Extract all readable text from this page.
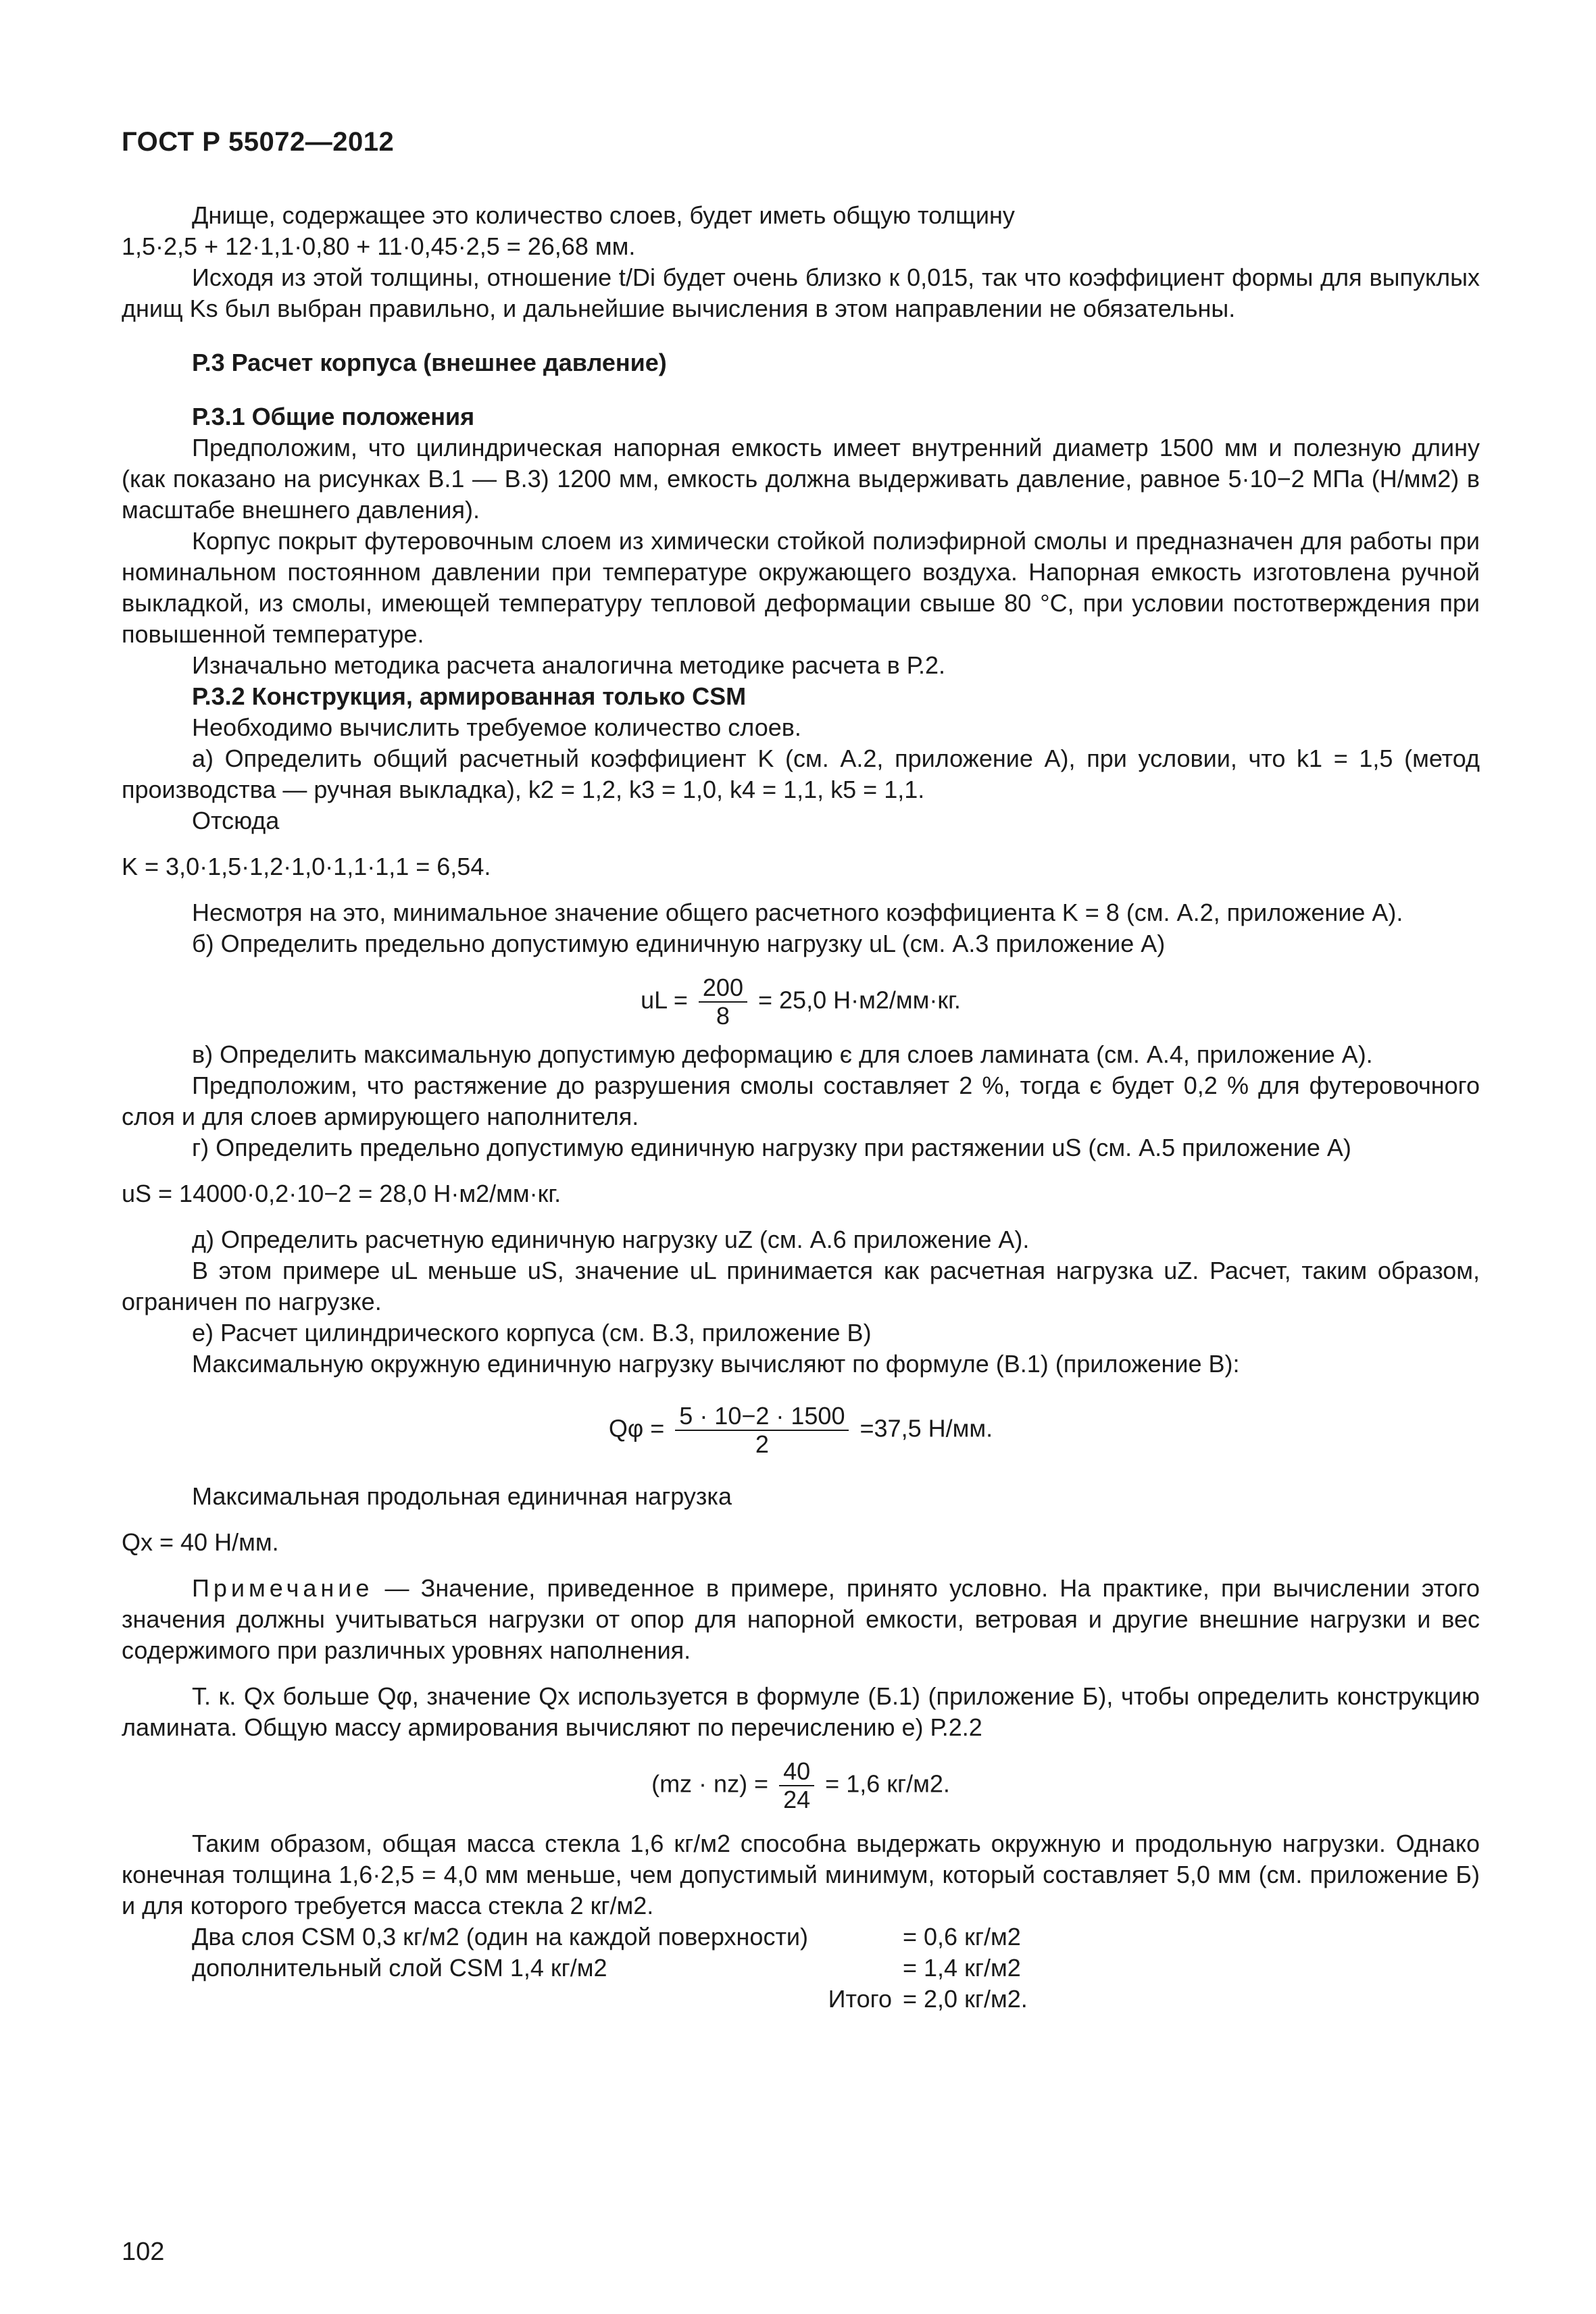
ГОСТ Р 55072—2012

Днище, содержащее это количество слоев, будет иметь общую толщину

1,5·2,5 + 12·1,1·0,80 + 11·0,45·2,5 = 26,68 мм.

Исходя из этой толщины, отношение t/Di будет очень близко к 0,015, так что коэффициент формы для выпуклых днищ Ks был выбран правильно, и дальнейшие вычисления в этом направлении не обязательны.

Р.3 Расчет корпуса (внешнее давление)

Р.3.1 Общие положения

Предположим, что цилиндрическая напорная емкость имеет внутренний диаметр 1500 мм и полезную длину (как показано на рисунках В.1 — В.3) 1200 мм, емкость должна выдерживать давление, равное 5·10−2 МПа (Н/мм2) в масштабе внешнего давления).

Корпус покрыт футеровочным слоем из химически стойкой полиэфирной смолы и предназначен для работы при номинальном постоянном давлении при температуре окружающего воздуха. Напорная емкость изготовлена ручной выкладкой, из смолы, имеющей температуру тепловой деформации свыше 80 °С, при условии постотверждения при повышенной температуре.

Изначально методика расчета аналогична методике расчета в Р.2.

Р.3.2 Конструкция, армированная только CSM

Необходимо вычислить требуемое количество слоев.

а) Определить общий расчетный коэффициент K (см. А.2, приложение А), при условии, что k1 = 1,5 (метод производства — ручная выкладка), k2 = 1,2, k3 = 1,0, k4 = 1,1, k5 = 1,1.

Отсюда

K = 3,0·1,5·1,2·1,0·1,1·1,1 = 6,54.

Несмотря на это, минимальное значение общего расчетного коэффициента K = 8 (см. А.2, приложение А).

б) Определить предельно допустимую единичную нагрузку uL (см. А.3 приложение А)

uL = $\frac{200}{8} = 25,0$ Н·м2/мм·кг.

в) Определить максимальную допустимую деформацию є для слоев ламината (см. А.4, приложение А).

Предположим, что растяжение до разрушения смолы составляет 2 %, тогда є будет 0,2 % для футеровочного слоя и для слоев армирующего наполнителя.

г) Определить предельно допустимую единичную нагрузку при растяжении uS (см. А.5 приложение А)

uS = 14000·0,2·10−2 = 28,0 Н·м2/мм·кг.

д) Определить расчетную единичную нагрузку uZ (см. А.6 приложение А).

В этом примере uL меньше uS, значение uL принимается как расчетная нагрузка uZ. Расчет, таким образом, ограничен по нагрузке.

е) Расчет цилиндрического корпуса (см. В.3, приложение В)

Максимальную окружную единичную нагрузку вычисляют по формуле (В.1) (приложение В):

$Q\varphi = \frac{5 \cdot 10-2 \cdot 1500}{2} =37,5$ Н/мм.

Максимальная продольная единичная нагрузка

Qx = 40 Н/мм.

Примечание — Значение, приведенное в примере, принято условно. На практике, при вычислении этого значения должны учитываться нагрузки от опор для напорной емкости, ветровая и другие внешние нагрузки и вес содержимого при различных уровнях наполнения.

Т. к. Qx больше Qφ, значение Qx используется в формуле (Б.1) (приложение Б), чтобы определить конструкцию ламината. Общую массу армирования вычисляют по перечислению е) Р.2.2

$(mz \cdot nz) = \frac{40}{24} = 1,6$ кг/м2.

Таким образом, общая масса стекла 1,6 кг/м2 способна выдержать окружную и продольную нагрузки. Однако конечная толщина 1,6·2,5 = 4,0 мм меньше, чем допустимый минимум, который составляет 5,0 мм (см. приложение Б) и для которого требуется масса стекла 2 кг/м2.

Два слоя CSM 0,3 кг/м2 (один на каждой поверхности)	= 0,6 кг/м2
дополнительный слой CSM 1,4 кг/м2	= 1,4 кг/м2
Итого	= 2,0 кг/м2.
102
